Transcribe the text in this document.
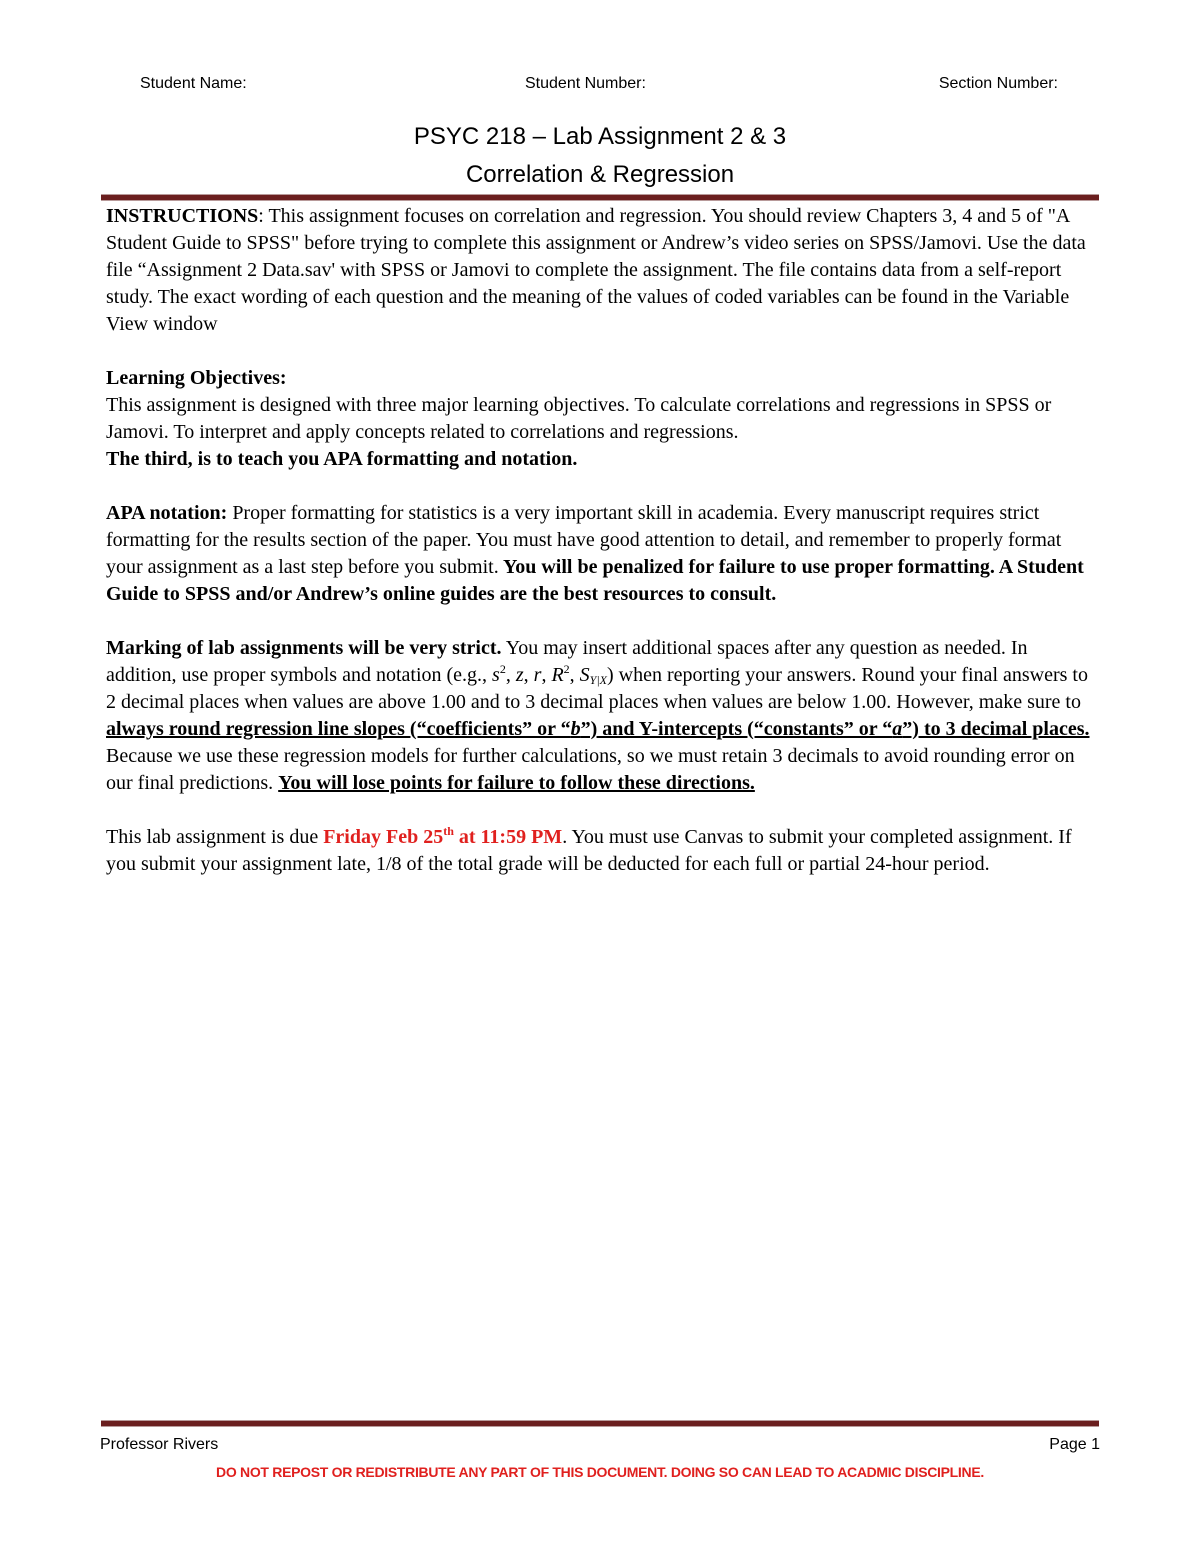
Student Name:	Student Number:	Section Number:
PSYC 218 – Lab Assignment 2 & 3
Correlation & Regression

INSTRUCTIONS: This assignment focuses on correlation and regression. You should review Chapters 3, 4 and 5 of "A Student Guide to SPSS" before trying to complete this assignment or Andrew’s video series on SPSS/Jamovi. Use the data file “Assignment 2 Data.sav' with SPSS or Jamovi to complete the assignment. The file contains data from a self-report study. The exact wording of each question and the meaning of the values of coded variables can be found in the Variable View window

Learning Objectives:

This assignment is designed with three major learning objectives. To calculate correlations and regressions in SPSS or Jamovi. To interpret and apply concepts related to correlations and regressions.
The third, is to teach you APA formatting and notation.

APA notation: Proper formatting for statistics is a very important skill in academia. Every manuscript requires strict formatting for the results section of the paper. You must have good attention to detail, and remember to properly format your assignment as a last step before you submit. You will be penalized for failure to use proper formatting. A Student Guide to SPSS and/or Andrew’s online guides are the best resources to consult.

Marking of lab assignments will be very strict. You may insert additional spaces after any question as needed. In addition, use proper symbols and notation (e.g., $s^2$, z, r, $R^2$, $S_{Y|X}$) when reporting your answers. Round your final answers to 2 decimal places when values are above 1.00 and to 3 decimal places when values are below 1.00. However, make sure to always round regression line slopes (“coefficients” or “b”) and Y-intercepts (“constants” or “a”) to 3 decimal places. Because we use these regression models for further calculations, so we must retain 3 decimals to avoid rounding error on our final predictions. You will lose points for failure to follow these directions.

This lab assignment is due Friday Feb 25th at 11:59 PM. You must use Canvas to submit your completed assignment. If you submit your assignment late, 1/8 of the total grade will be deducted for each full or partial 24-hour period.

Professor Rivers	Page 1
DO NOT REPOST OR REDISTRIBUTE ANY PART OF THIS DOCUMENT. DOING SO CAN LEAD TO ACADMIC DISCIPLINE.
